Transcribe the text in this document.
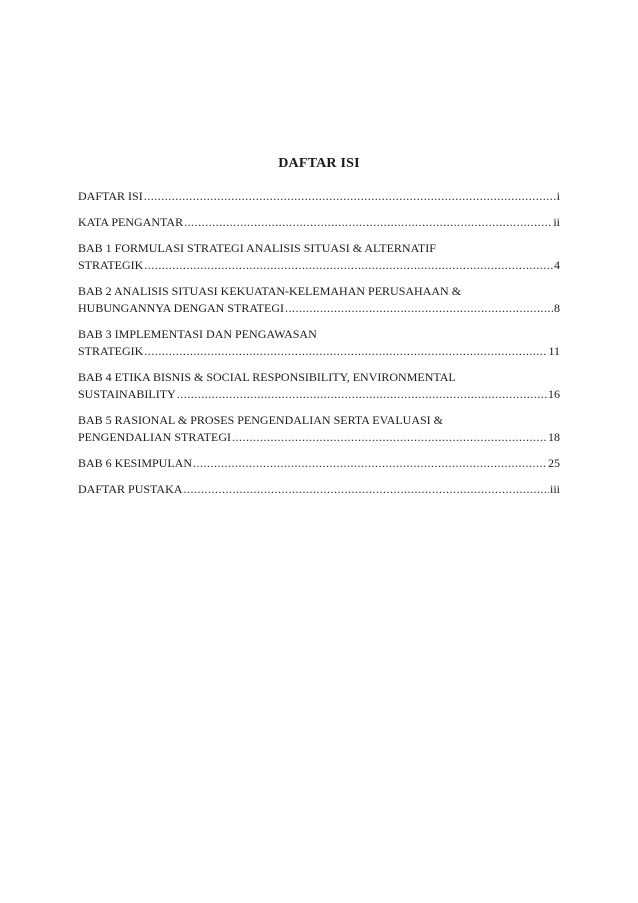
DAFTAR ISI
DAFTAR ISI .....	i
KATA PENGANTAR .....	ii
BAB 1 FORMULASI STRATEGI ANALISIS SITUASI & ALTERNATIF
STRATEGIK .....	4
BAB 2 ANALISIS SITUASI KEKUATAN-KELEMAHAN PERUSAHAAN &
HUBUNGANNYA DENGAN STRATEGI .....	8
BAB 3 IMPLEMENTASI DAN PENGAWASAN
STRATEGIK .....	11
BAB 4 ETIKA BISNIS & SOCIAL RESPONSIBILITY, ENVIRONMENTAL
SUSTAINABILITY .....	16
BAB 5 RASIONAL & PROSES PENGENDALIAN SERTA EVALUASI &
PENGENDALIAN STRATEGI .....	18
BAB 6 KESIMPULAN .....	25
DAFTAR PUSTAKA .....	iii
